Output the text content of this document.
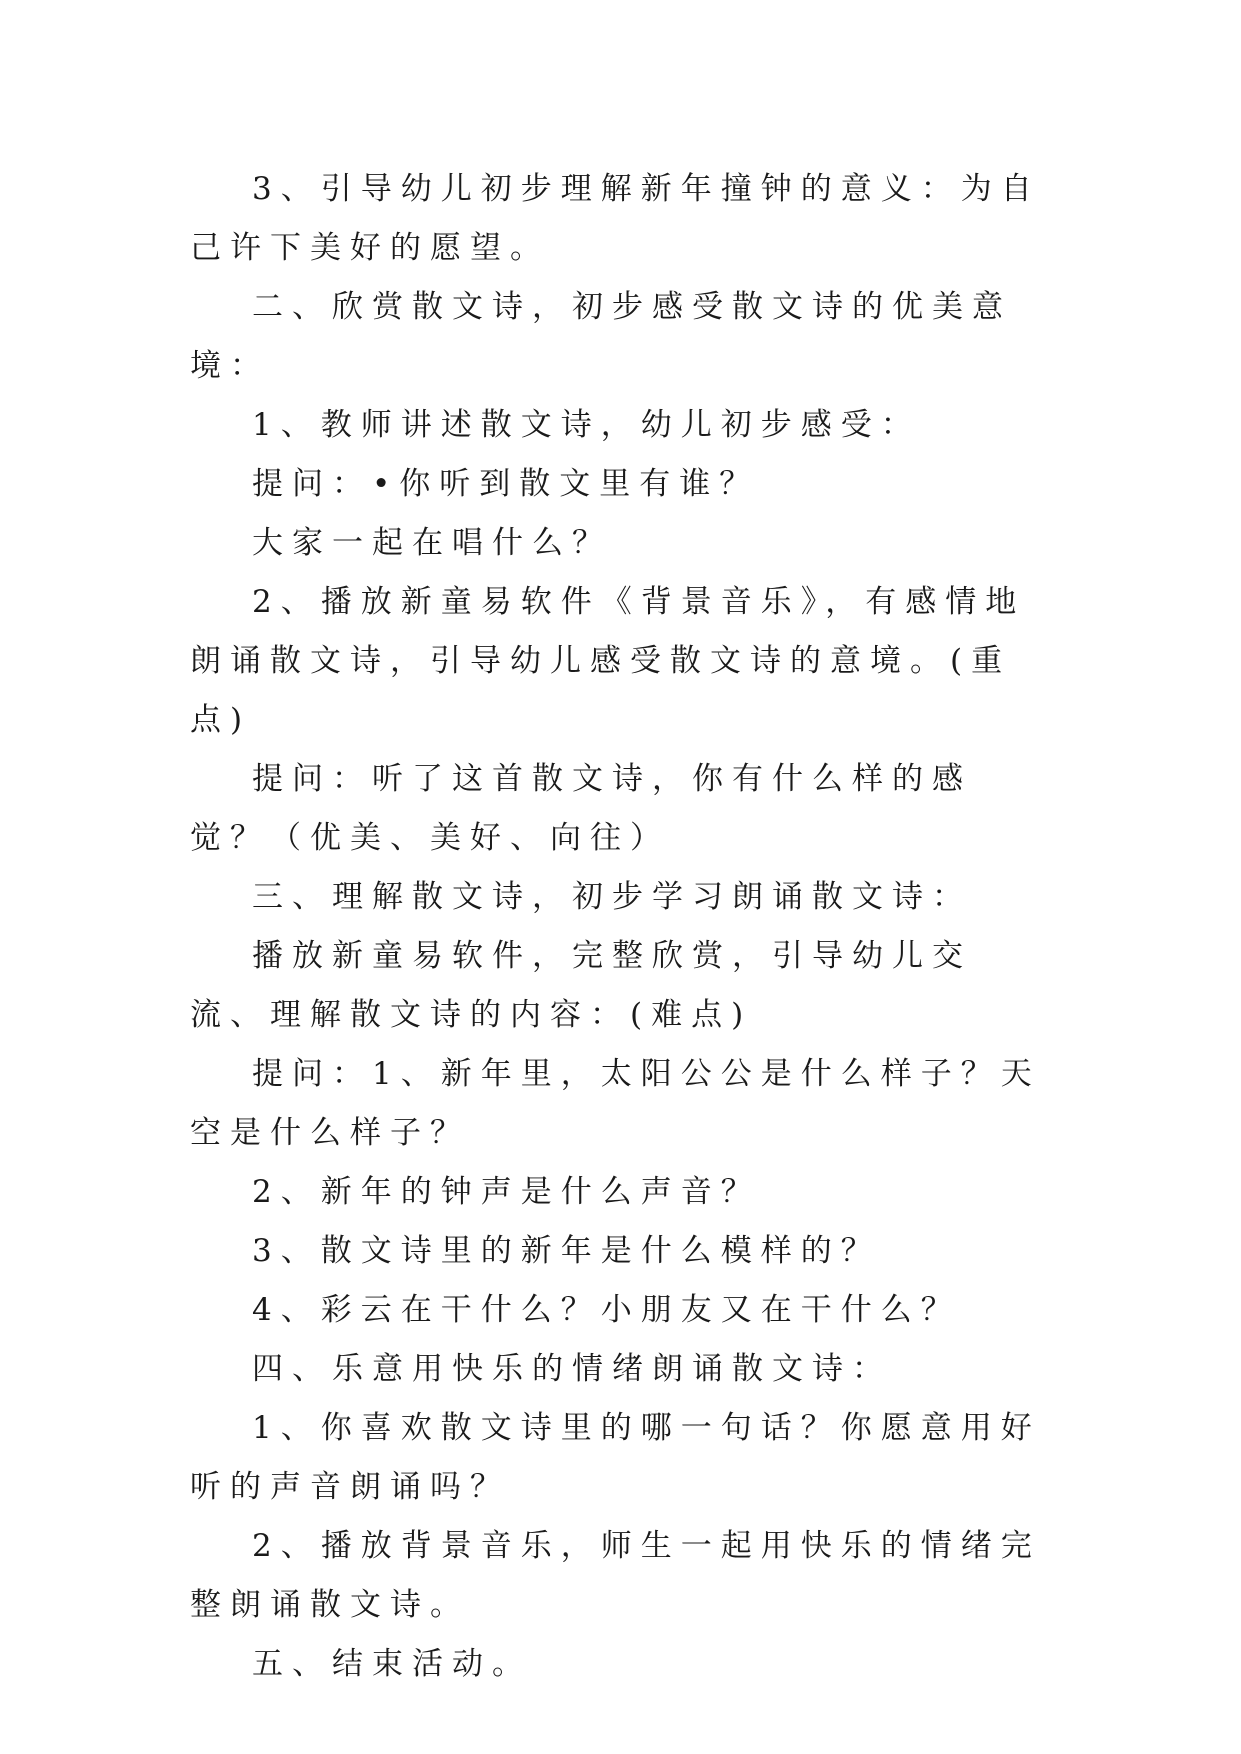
3、引导幼儿初步理解新年撞钟的意义：为自己许下美好的愿望。

二、欣赏散文诗，初步感受散文诗的优美意境：

1、教师讲述散文诗，幼儿初步感受：

提问：•你听到散文里有谁？

大家一起在唱什么？

2、播放新童易软件《背景音乐》，有感情地朗诵散文诗，引导幼儿感受散文诗的意境。(重点)

提问：听了这首散文诗，你有什么样的感觉？（优美、美好、向往）

三、理解散文诗，初步学习朗诵散文诗：

播放新童易软件，完整欣赏，引导幼儿交流、理解散文诗的内容：(难点)

提问：1、新年里，太阳公公是什么样子？天空是什么样子？

2、新年的钟声是什么声音？

3、散文诗里的新年是什么模样的？

4、彩云在干什么？小朋友又在干什么？

四、乐意用快乐的情绪朗诵散文诗：

1、你喜欢散文诗里的哪一句话？你愿意用好听的声音朗诵吗？

2、播放背景音乐，师生一起用快乐的情绪完整朗诵散文诗。

五、结束活动。
